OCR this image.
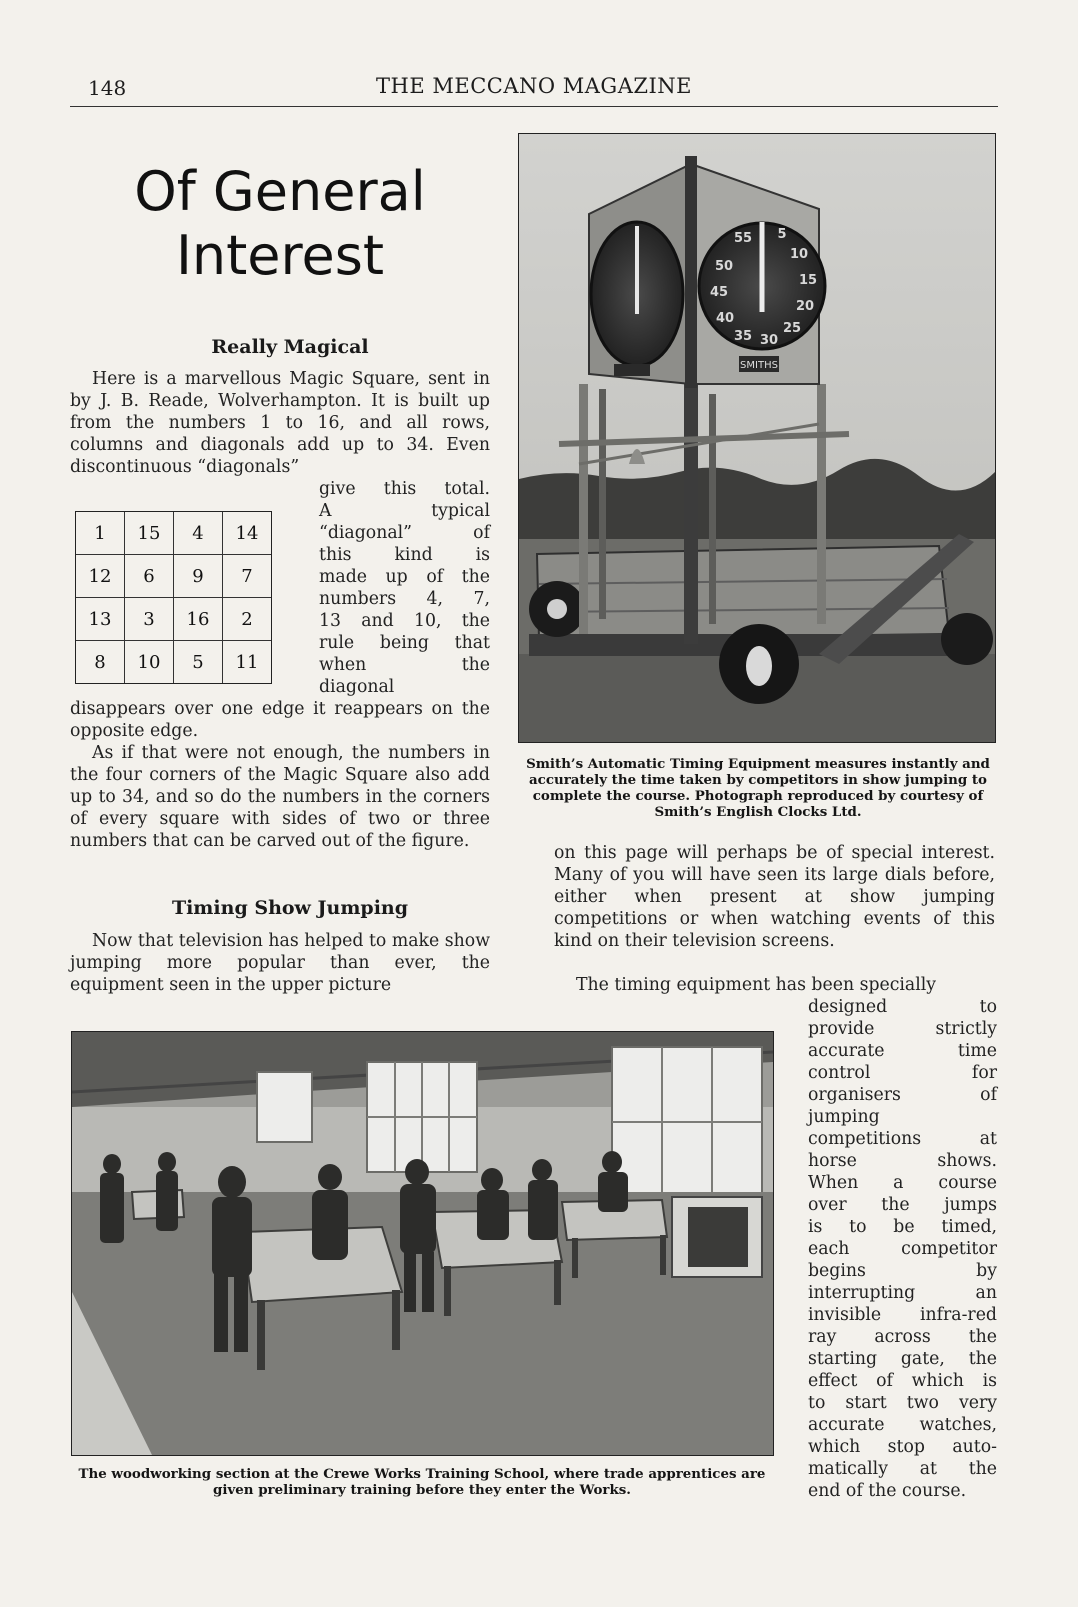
148	THE MECCANO MAGAZINE
Of General
Interest
Really Magical

Here is a marvellous Magic Square, sent in by J. B. Reade, Wolverhampton. It is built up from the numbers 1 to 16, and all rows, columns and diagonals add up to 34. Even discontinuous “diagonals”

give this total.
A typical
“diagonal” of
this kind is
made up of the
numbers 4, 7,
13 and 10, the
rule being that
when the
diagonal
1	15	4	14
12	6	9	7
13	3	16	2
8	10	5	11

disappears over one edge it reappears on the opposite edge.

As if that were not enough, the numbers in the four corners of the Magic Square also add up to 34, and so do the numbers in the corners of every square with sides of two or three numbers that can be carved out of the figure.

Timing Show Jumping

Now that television has helped to make show jumping more popular than ever, the equipment seen in the upper picture

on this page will perhaps be of special interest. Many of you will have seen its large dials before, either when present at show jumping competitions or when watching events of this kind on their television screens.

The timing equipment has been specially

designed to
provide strictly
accurate time
control for
organisers of
jumping
competitions at
horse shows.
When a course
over the jumps
is to be timed,
each competitor
begins by
interrupting an
invisible infra-red
ray across the
starting gate, the
effect of which is
to start two very
accurate watches,
which stop auto-
matically at the
end of the course.
5
10
15
20
25
30
35
40
45
50
55
SMITHS
Smith’s Automatic Timing Equipment measures instantly and accurately the time taken by competitors in show jumping to complete the course. Photograph reproduced by courtesy of Smith’s English Clocks Ltd.
The woodworking section at the Crewe Works Training School, where trade apprentices are given preliminary training before they enter the Works.
